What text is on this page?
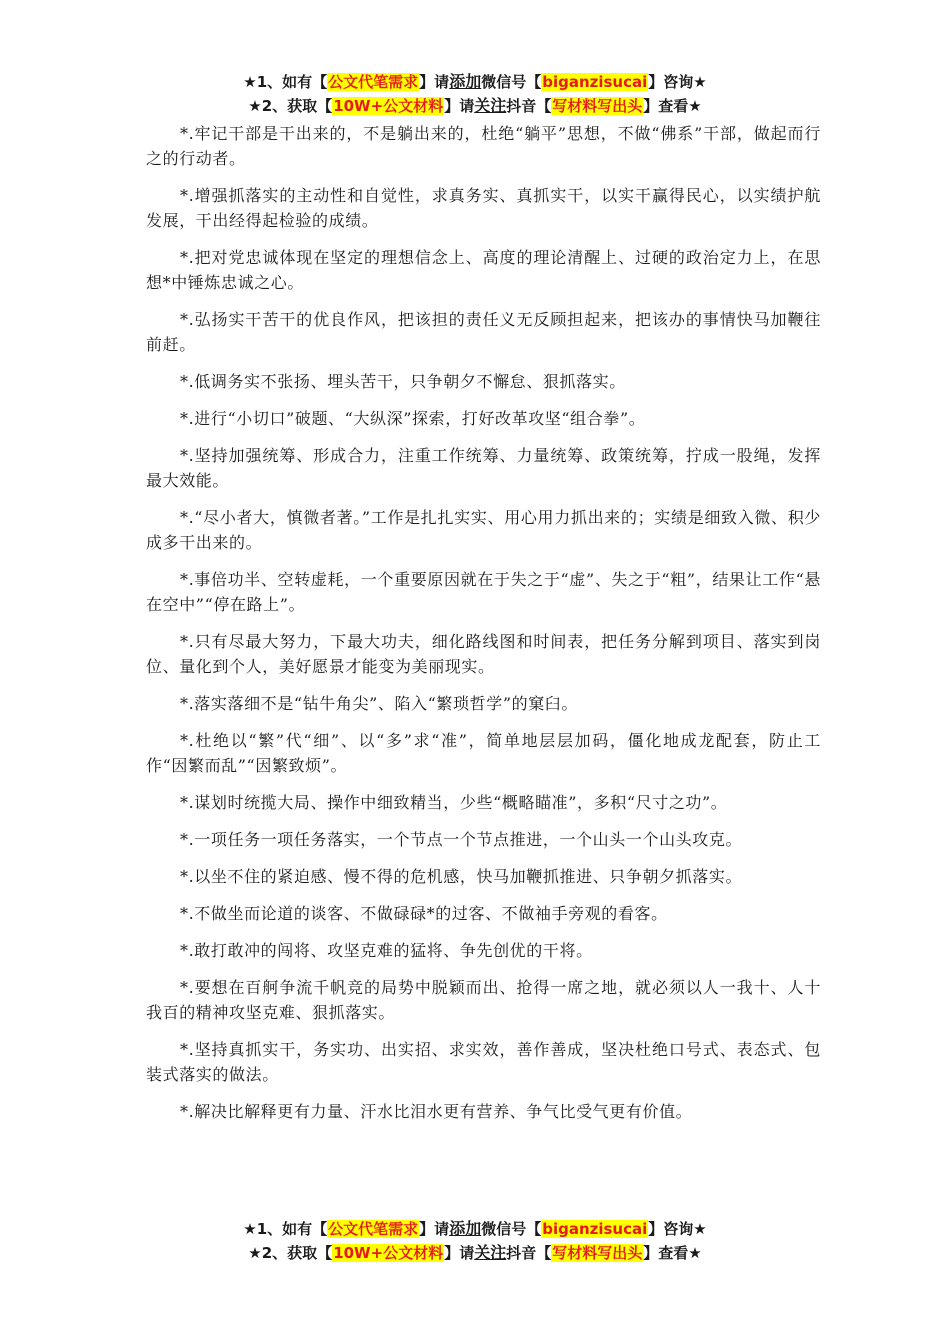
★1、如有【公文代笔需求】请添加微信号【biganzisucai】咨询★
★2、获取【10W+公文材料】请关注抖音【写材料写出头】查看★

*.牢记干部是干出来的，不是躺出来的，杜绝“躺平”思想，不做“佛系”干部，做起而行之的行动者。

*.增强抓落实的主动性和自觉性，求真务实、真抓实干，以实干赢得民心，以实绩护航发展，干出经得起检验的成绩。

*.把对党忠诚体现在坚定的理想信念上、高度的理论清醒上、过硬的政治定力上，在思想*中锤炼忠诚之心。

*.弘扬实干苦干的优良作风，把该担的责任义无反顾担起来，把该办的事情快马加鞭往前赶。

*.低调务实不张扬、埋头苦干，只争朝夕不懈怠、狠抓落实。

*.进行“小切口”破题、“大纵深”探索，打好改革攻坚“组合拳”。

*.坚持加强统筹、形成合力，注重工作统筹、力量统筹、政策统筹，拧成一股绳，发挥最大效能。

*.“尽小者大，慎微者著。”工作是扎扎实实、用心用力抓出来的；实绩是细致入微、积少成多干出来的。

*.事倍功半、空转虚耗，一个重要原因就在于失之于“虚”、失之于“粗”，结果让工作“悬在空中”“停在路上”。

*.只有尽最大努力，下最大功夫，细化路线图和时间表，把任务分解到项目、落实到岗位、量化到个人，美好愿景才能变为美丽现实。

*.落实落细不是“钻牛角尖”、陷入“繁琐哲学”的窠臼。

*.杜绝以“繁”代“细”、以“多”求“准”，简单地层层加码，僵化地成龙配套，防止工作“因繁而乱”“因繁致烦”。

*.谋划时统揽大局、操作中细致精当，少些“概略瞄准”，多积“尺寸之功”。

*.一项任务一项任务落实，一个节点一个节点推进，一个山头一个山头攻克。

*.以坐不住的紧迫感、慢不得的危机感，快马加鞭抓推进、只争朝夕抓落实。

*.不做坐而论道的谈客、不做碌碌*的过客、不做袖手旁观的看客。

*.敢打敢冲的闯将、攻坚克难的猛将、争先创优的干将。

*.要想在百舸争流千帆竞的局势中脱颖而出、抢得一席之地，就必须以人一我十、人十我百的精神攻坚克难、狠抓落实。

*.坚持真抓实干，务实功、出实招、求实效，善作善成，坚决杜绝口号式、表态式、包装式落实的做法。

*.解决比解释更有力量、汗水比泪水更有营养、争气比受气更有价值。

★1、如有【公文代笔需求】请添加微信号【biganzisucai】咨询★
★2、获取【10W+公文材料】请关注抖音【写材料写出头】查看★
